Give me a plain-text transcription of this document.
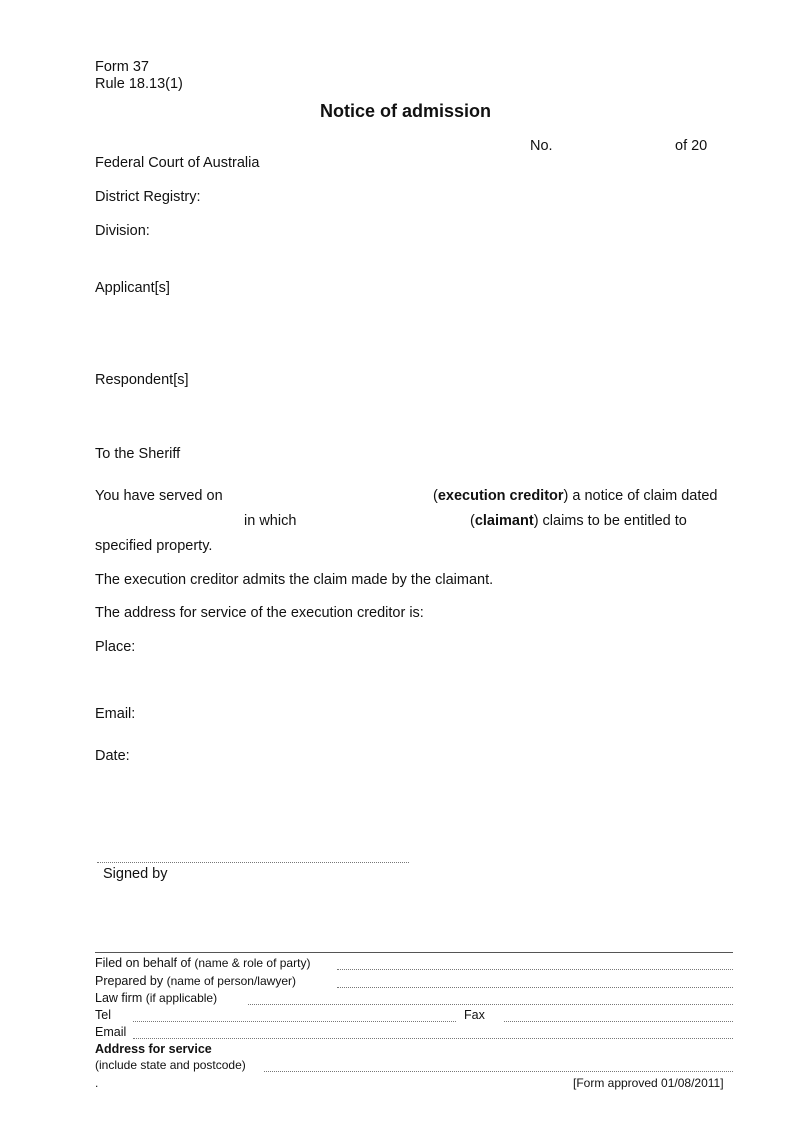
Form 37
Rule 18.13(1)
Notice of admission
No.	of 20
Federal Court of Australia
District Registry:
Division:
Applicant[s]
Respondent[s]
To the Sheriff
You have served on	(execution creditor) a notice of claim dated
in which	(claimant) claims to be entitled to
specified property.
The execution creditor admits the claim made by the claimant.
The address for service of the execution creditor is:
Place:
Email:
Date:
Signed by
Filed on behalf of (name & role of party)
Prepared by (name of person/lawyer)
Law firm (if applicable)
Tel	Fax
Email
Address for service
(include state and postcode)
.	[Form approved 01/08/2011]
